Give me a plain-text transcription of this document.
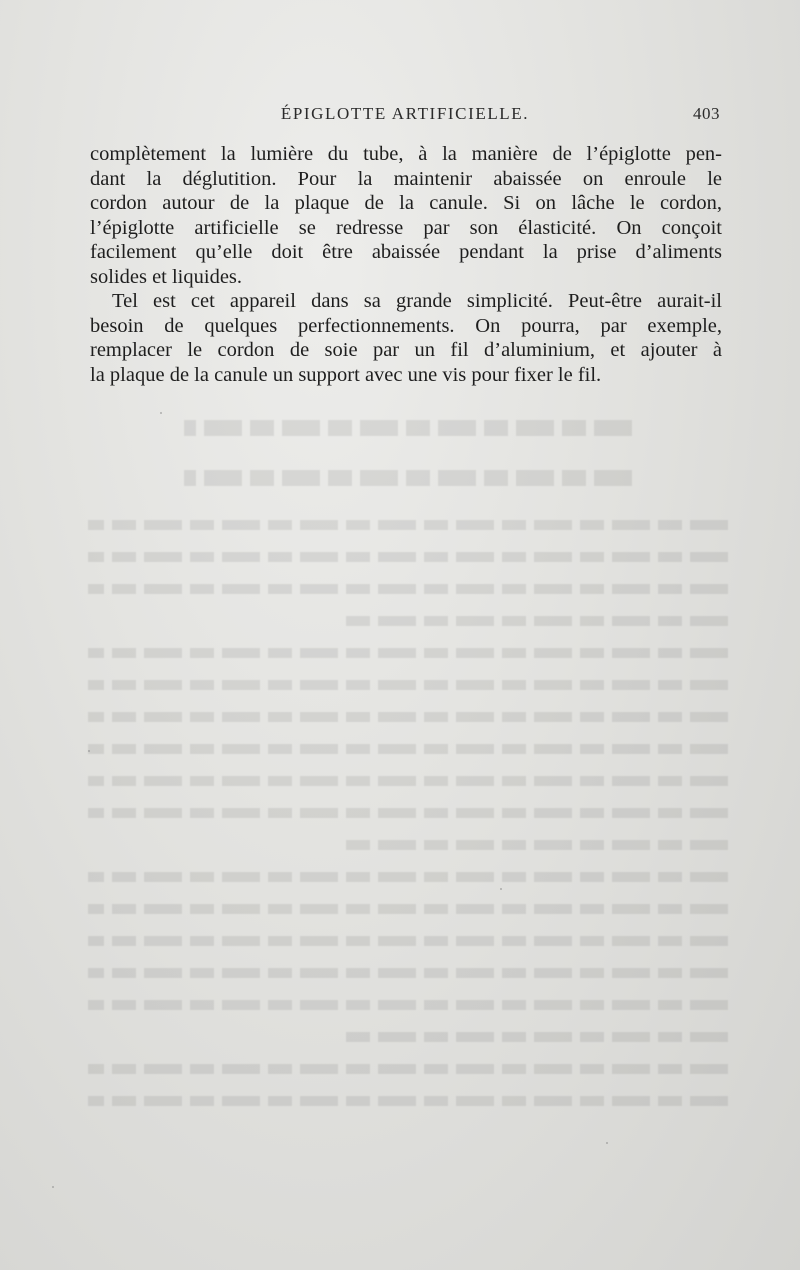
ÉPIGLOTTE ARTIFICIELLE.	403

complètement la lumière du tube, à la manière de l’épiglotte pen-
dant la déglutition. Pour la maintenir abaissée on enroule le
cordon autour de la plaque de la canule. Si on lâche le cordon,
l’épiglotte artificielle se redresse par son élasticité. On conçoit
facilement qu’elle doit être abaissée pendant la prise d’aliments
solides et liquides.

Tel est cet appareil dans sa grande simplicité. Peut-être aurait-il
besoin de quelques perfectionnements. On pourra, par exemple,
remplacer le cordon de soie par un fil d’aluminium, et ajouter à
la plaque de la canule un support avec une vis pour fixer le fil.
